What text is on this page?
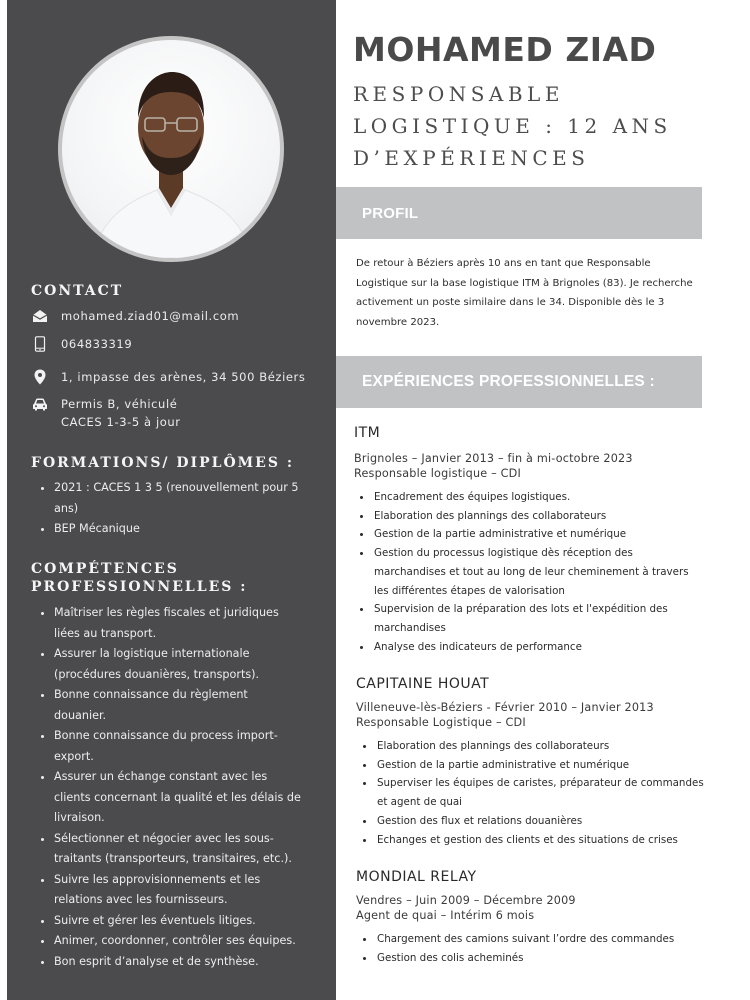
CONTACT
mohamed.ziad01@mail.com
064833319
1, impasse des arènes, 34 500 Béziers
Permis B, véhiculé
CACES 1-3-5 à jour
FORMATIONS/ DIPLÔMES :
2021 : CACES 1 3 5 (renouvellement pour 5 ans)
BEP Mécanique
COMPÉTENCES
PROFESSIONNELLES :
Maîtriser les règles fiscales et juridiques liées au transport.
Assurer la logistique internationale (procédures douanières, transports).
Bonne connaissance du règlement douanier.
Bonne connaissance du process import-export.
Assurer un échange constant avec les clients concernant la qualité et les délais de livraison.
Sélectionner et négocier avec les sous-traitants (transporteurs, transitaires, etc.).
Suivre les approvisionnements et les relations avec les fournisseurs.
Suivre et gérer les éventuels litiges.
Animer, coordonner, contrôler ses équipes.
Bon esprit d’analyse et de synthèse.
MOHAMED ZIAD
RESPONSABLE
LOGISTIQUE : 12 ANS
D’EXPÉRIENCES
PROFIL
De retour à Béziers après 10 ans en tant que Responsable Logistique sur la base logistique ITM à Brignoles (83). Je recherche activement un poste similaire dans le 34. Disponible dès le 3 novembre 2023.
EXPÉRIENCES PROFESSIONNELLES :
ITM
Brignoles – Janvier 2013 – fin à mi-octobre 2023
Responsable logistique – CDI
Encadrement des équipes logistiques.
Elaboration des plannings des collaborateurs
Gestion de la partie administrative et numérique
Gestion du processus logistique dès réception des marchandises et tout au long de leur cheminement à travers les différentes étapes de valorisation
Supervision de la préparation des lots et l'expédition des marchandises
Analyse des indicateurs de performance
CAPITAINE HOUAT
Villeneuve-lès-Béziers - Février 2010 – Janvier 2013
Responsable Logistique – CDI
Elaboration des plannings des collaborateurs
Gestion de la partie administrative et numérique
Superviser les équipes de caristes, préparateur de commandes et agent de quai
Gestion des flux et relations douanières
Echanges et gestion des clients et des situations de crises
MONDIAL RELAY
Vendres – Juin 2009 – Décembre 2009
Agent de quai – Intérim 6 mois
Chargement des camions suivant l’ordre des commandes
Gestion des colis acheminés
